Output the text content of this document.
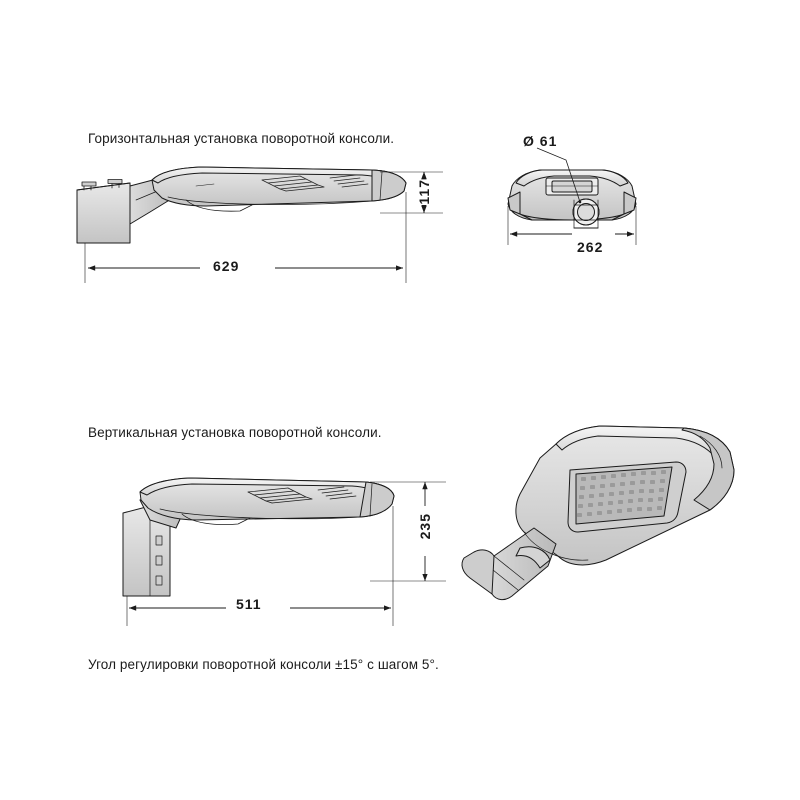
Горизонтальная установка поворотной консоли.
Вертикальная установка поворотной консоли.
Угол регулировки поворотной консоли ±15° с шагом 5°.
629
117
262
Ø 61
511
235
